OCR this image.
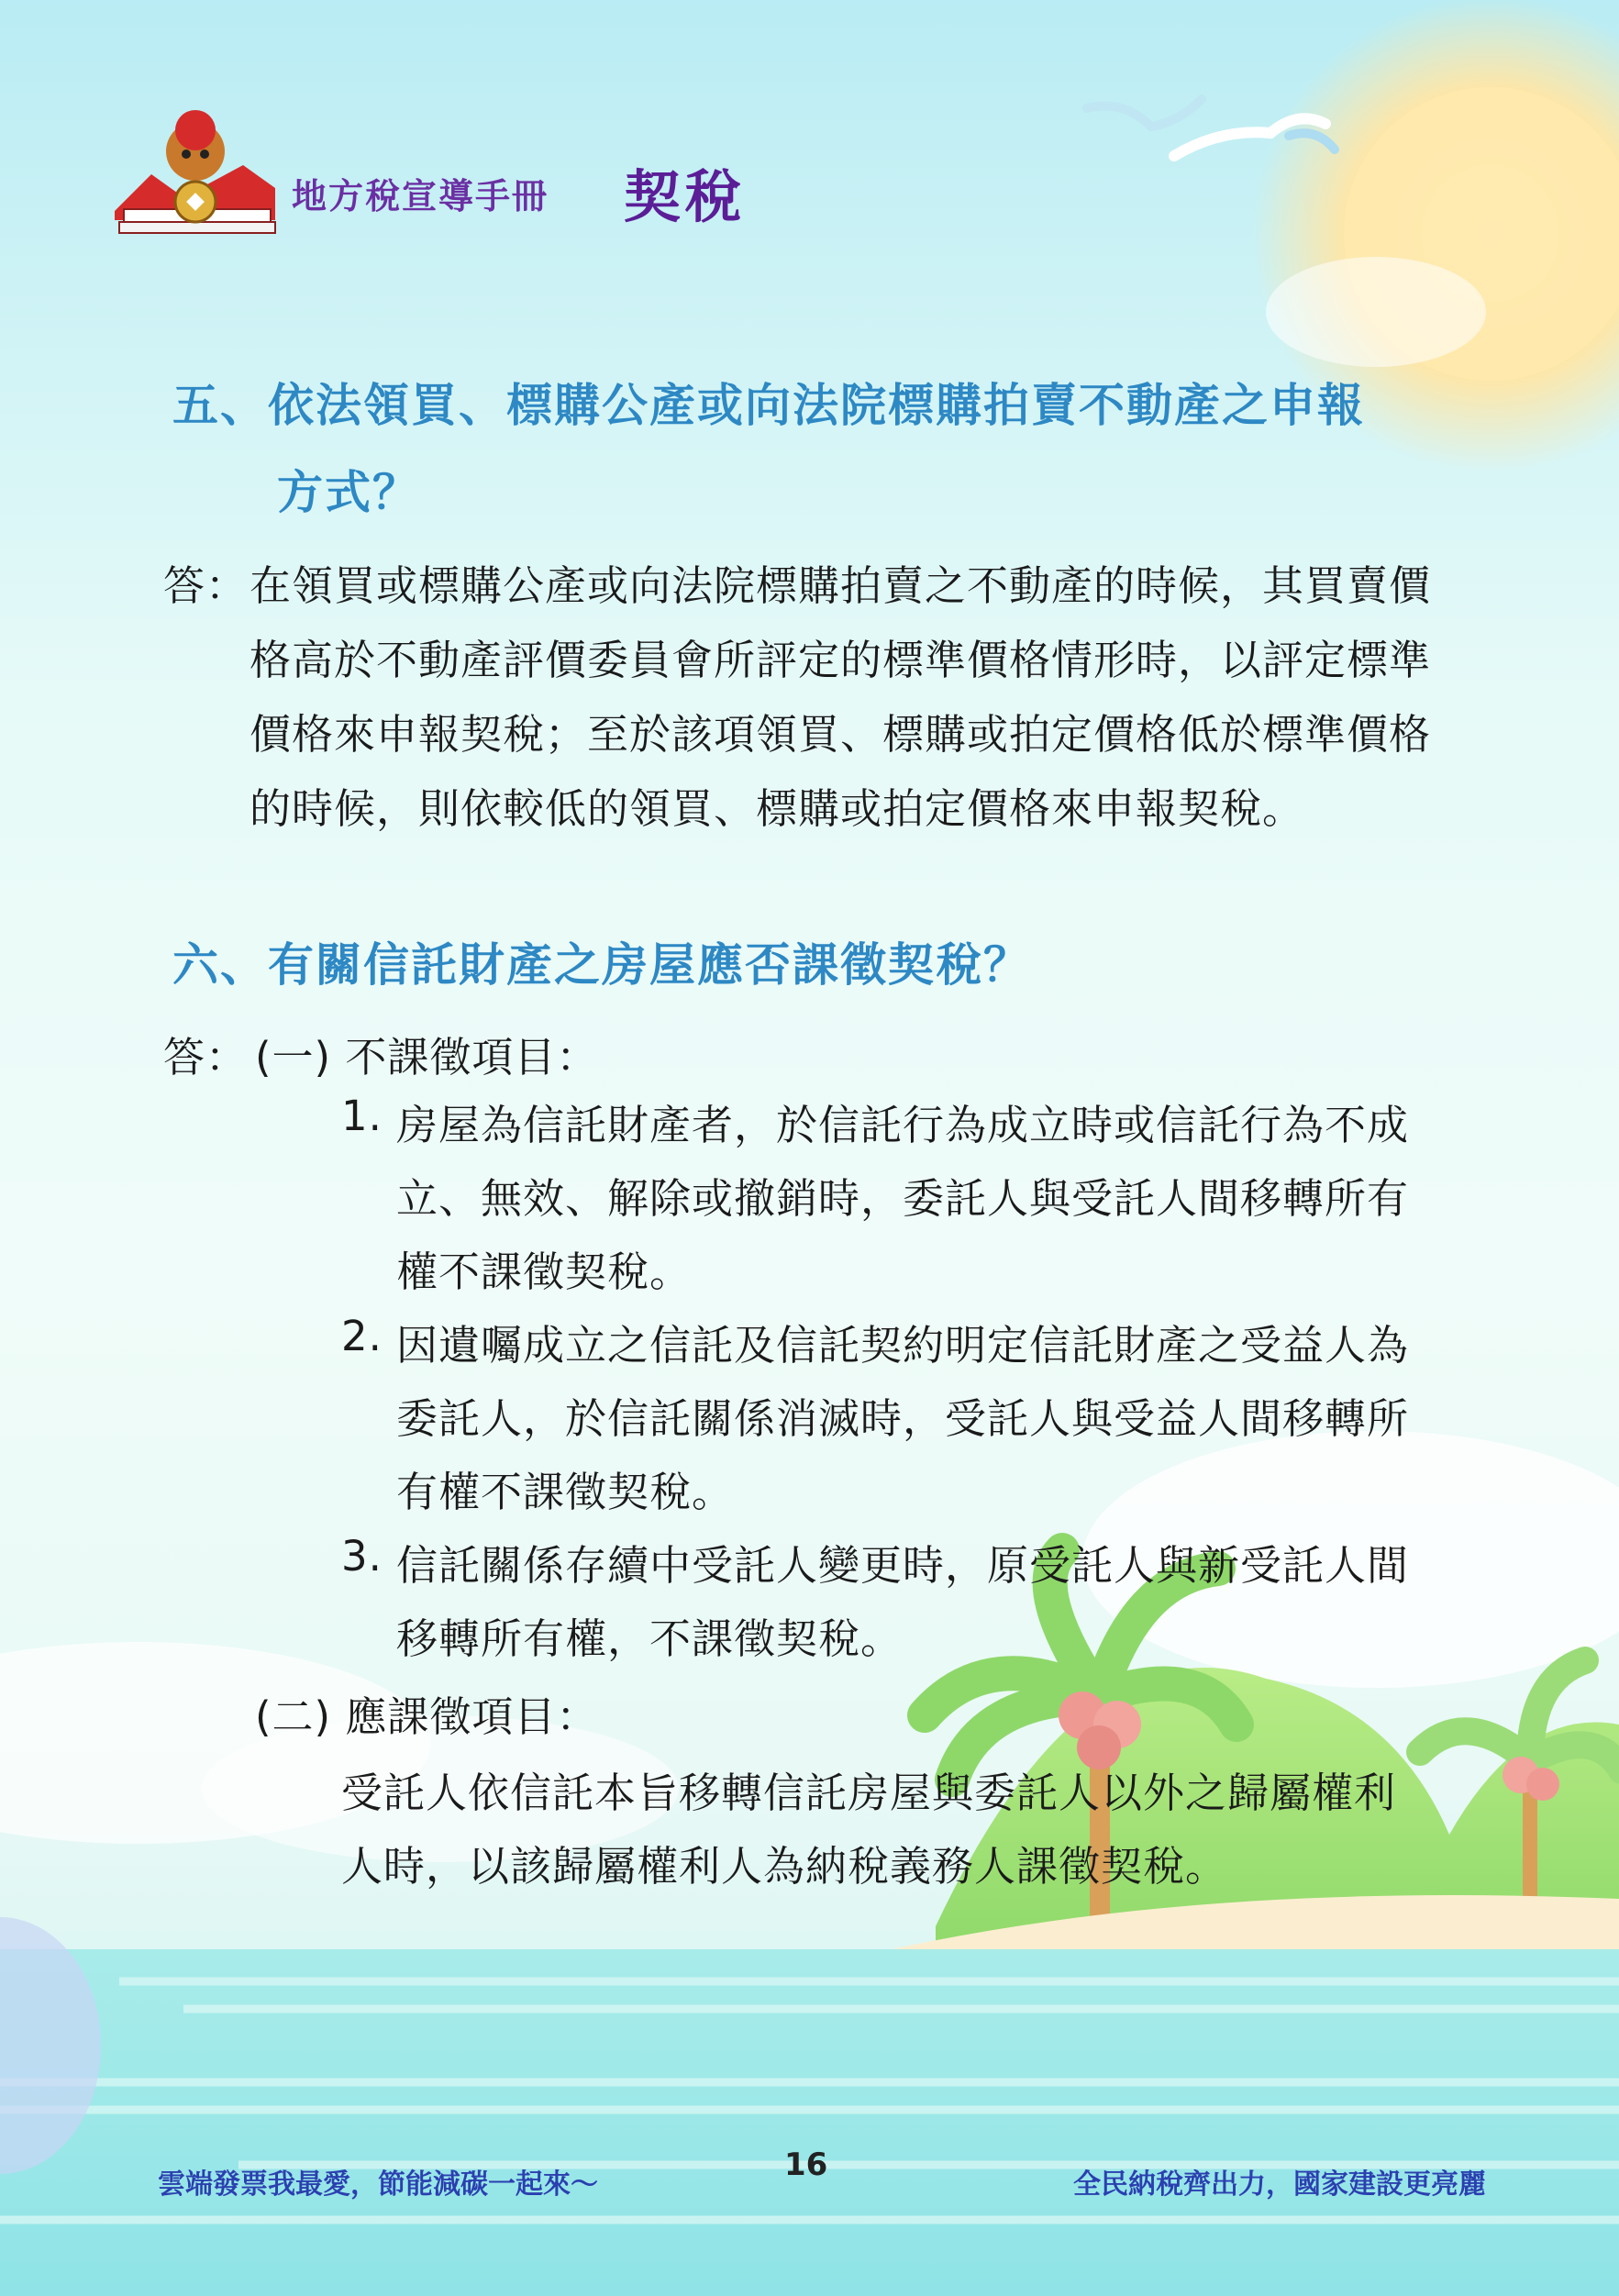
地方稅宣導手冊 契稅
五、依法領買、標購公產或向法院標購拍賣不動產之申報
方式？
答： 在領買或標購公產或向法院標購拍賣之不動產的時候，其買賣價
格高於不動產評價委員會所評定的標準價格情形時，以評定標準
價格來申報契稅；至於該項領買、標購或拍定價格低於標準價格
的時候，則依較低的領買、標購或拍定價格來申報契稅。
六、有關信託財產之房屋應否課徵契稅？
答： (一) 不課徵項目：
1. 房屋為信託財產者，於信託行為成立時或信託行為不成
立、無效、解除或撤銷時，委託人與受託人間移轉所有
權不課徵契稅。
2. 因遺囑成立之信託及信託契約明定信託財產之受益人為
委託人，於信託關係消滅時，受託人與受益人間移轉所
有權不課徵契稅。
3. 信託關係存續中受託人變更時，原受託人與新受託人間
移轉所有權，不課徵契稅。
(二) 應課徵項目：
受託人依信託本旨移轉信託房屋與委託人以外之歸屬權利
人時，以該歸屬權利人為納稅義務人課徵契稅。
雲端發票我最愛，節能減碳一起來～
16
全民納稅齊出力，國家建設更亮麗
